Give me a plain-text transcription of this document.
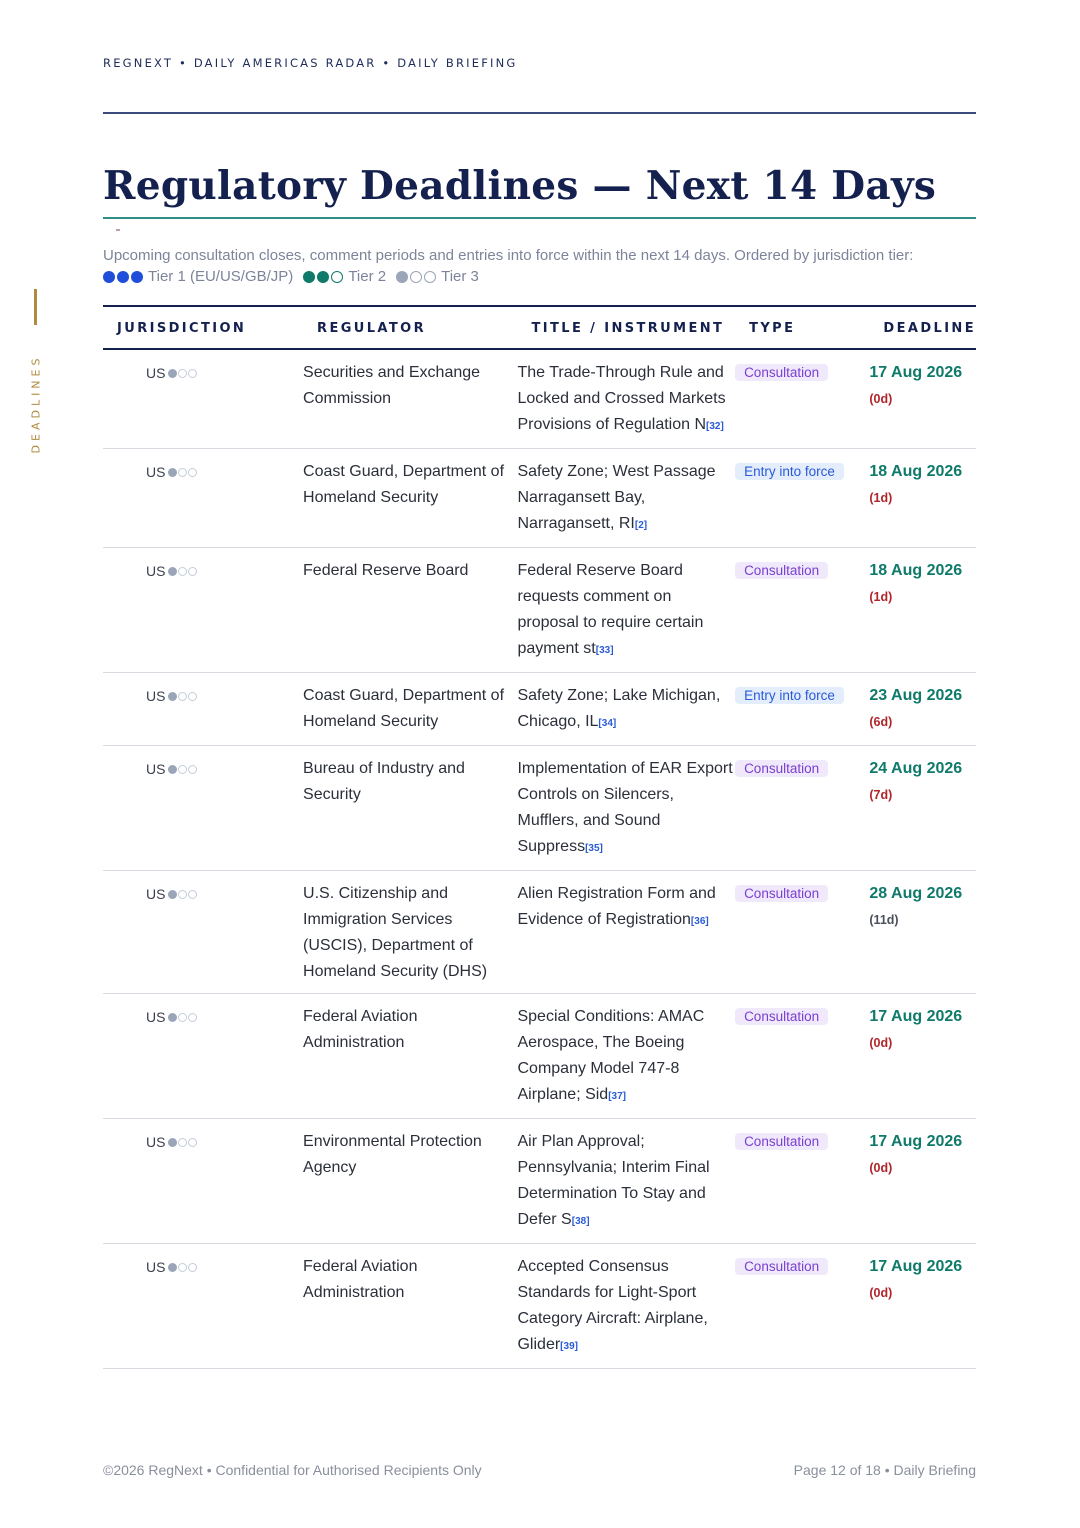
REGNEXT • DAILY AMERICAS RADAR • DAILY BRIEFING
DEADLINES
Regulatory Deadlines — Next 14 Days
Upcoming consultation closes, comment periods and entries into force within the next 14 days. Ordered by jurisdiction tier:
Tier 1 (EU/US/GB/JP)	Tier 2	Tier 3
JURISDICTION	REGULATOR	TITLE / INSTRUMENT	TYPE	DEADLINE

US	Securities and Exchange Commission	The Trade-Through Rule and Locked and Crossed Markets Provisions of Regulation N[32]	Consultation	17 Aug 2026 (0d)

US	Coast Guard, Department of Homeland Security	Safety Zone; West Passage Narragansett Bay, Narragansett, RI[2]	Entry into force	18 Aug 2026 (1d)

US	Federal Reserve Board	Federal Reserve Board requests comment on proposal to require certain payment st[33]	Consultation	18 Aug 2026 (1d)

US	Coast Guard, Department of Homeland Security	Safety Zone; Lake Michigan, Chicago, IL[34]	Entry into force	23 Aug 2026 (6d)

US	Bureau of Industry and Security	Implementation of EAR Export Controls on Silencers, Mufflers, and Sound Suppress[35]	Consultation	24 Aug 2026 (7d)

US	U.S. Citizenship and Immigration Services (USCIS), Department of Homeland Security (DHS)	Alien Registration Form and Evidence of Registration[36]	Consultation	28 Aug 2026 (11d)

US	Federal Aviation Administration	Special Conditions: AMAC Aerospace, The Boeing Company Model 747-8 Airplane; Sid[37]	Consultation	17 Aug 2026 (0d)

US	Environmental Protection Agency	Air Plan Approval; Pennsylvania; Interim Final Determination To Stay and Defer S[38]	Consultation	17 Aug 2026 (0d)

US	Federal Aviation Administration	Accepted Consensus Standards for Light-Sport Category Aircraft: Airplane, Glider[39]	Consultation	17 Aug 2026 (0d)
©2026 RegNext • Confidential for Authorised Recipients Only	Page 12 of 18 • Daily Briefing
